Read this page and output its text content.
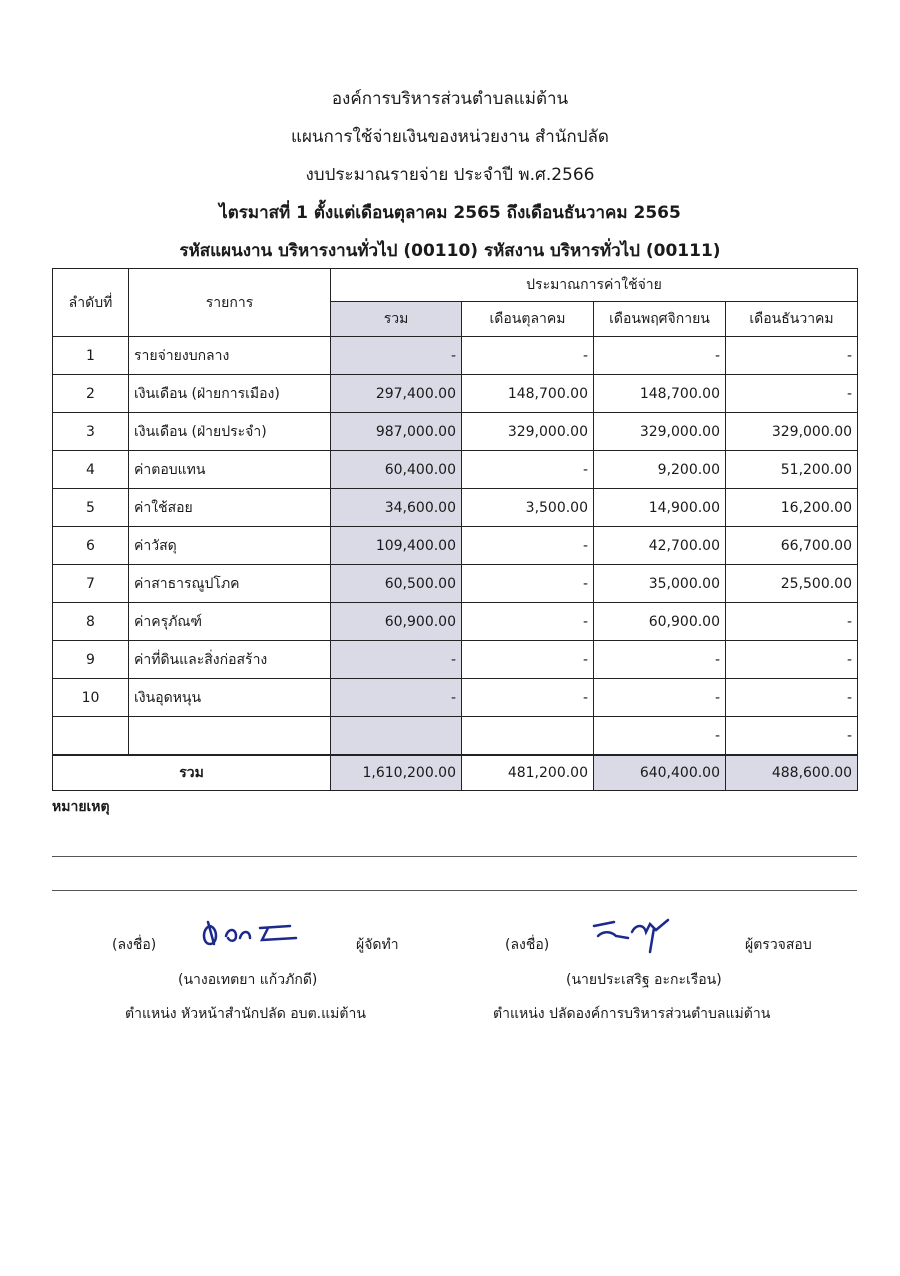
องค์การบริหารส่วนตำบลแม่ต้าน
แผนการใช้จ่ายเงินของหน่วยงาน สำนักปลัด
งบประมาณรายจ่าย ประจำปี พ.ศ.2566
ไตรมาสที่ 1 ตั้งแต่เดือนตุลาคม 2565 ถึงเดือนธันวาคม 2565
รหัสแผนงาน บริหารงานทั่วไป (00110) รหัสงาน บริหารทั่วไป (00111)
ลำดับที่	รายการ	ประมาณการค่าใช้จ่าย			
		รวม	เดือนตุลาคม	เดือนพฤศจิกายน	เดือนธันวาคม
1	รายจ่ายงบกลาง	-	-	-	-
2	เงินเดือน (ฝ่ายการเมือง)	297,400.00	148,700.00	148,700.00	-
3	เงินเดือน (ฝ่ายประจำ)	987,000.00	329,000.00	329,000.00	329,000.00
4	ค่าตอบแทน	60,400.00	-	9,200.00	51,200.00
5	ค่าใช้สอย	34,600.00	3,500.00	14,900.00	16,200.00
6	ค่าวัสดุ	109,400.00	-	42,700.00	66,700.00
7	ค่าสาธารณูปโภค	60,500.00	-	35,000.00	25,500.00
8	ค่าครุภัณฑ์	60,900.00	-	60,900.00	-
9	ค่าที่ดินและสิ่งก่อสร้าง	-	-	-	-
10	เงินอุดหนุน	-	-	-	-
				-	-
รวม		1,610,200.00	481,200.00	640,400.00	488,600.00
หมายเหตุ
(ลงชื่อ)	ผู้จัดทำ
(นางอเทตยา แก้วภักดี)
ตำแหน่ง หัวหน้าสำนักปลัด อบต.แม่ต้าน
(ลงชื่อ)	ผู้ตรวจสอบ
(นายประเสริฐ อะกะเรือน)
ตำแหน่ง ปลัดองค์การบริหารส่วนตำบลแม่ต้าน
